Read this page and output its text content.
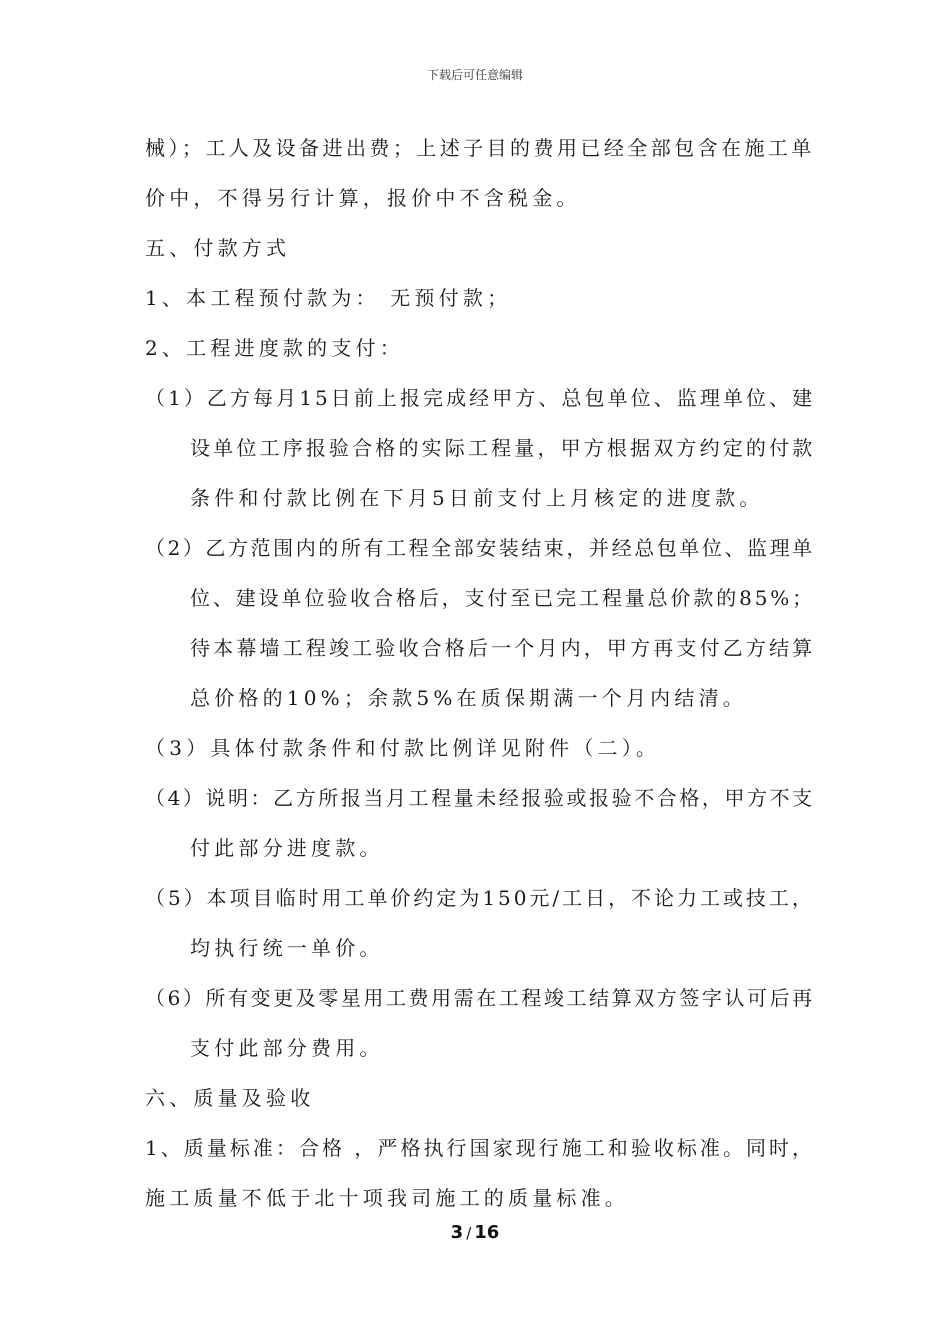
下载后可任意编辑
械）；工人及设备进出费；上述子目的费用已经全部包含在施工单
价中，不得另行计算，报价中不含税金。
五、付款方式
1、本工程预付款为： 无预付款；
2、工程进度款的支付：
（1）乙方每月15日前上报完成经甲方、总包单位、监理单位、建
设单位工序报验合格的实际工程量，甲方根据双方约定的付款
条件和付款比例在下月5日前支付上月核定的进度款。
（2）乙方范围内的所有工程全部安装结束，并经总包单位、监理单
位、建设单位验收合格后，支付至已完工程量总价款的85%；
待本幕墙工程竣工验收合格后一个月内，甲方再支付乙方结算
总价格的10%；余款5%在质保期满一个月内结清。
（3）具体付款条件和付款比例详见附件（二）。
（4）说明：乙方所报当月工程量未经报验或报验不合格，甲方不支
付此部分进度款。
（5）本项目临时用工单价约定为150元/工日，不论力工或技工，
均执行统一单价。
（6）所有变更及零星用工费用需在工程竣工结算双方签字认可后再
支付此部分费用。
六、质量及验收
1、质量标准：合格 ，严格执行国家现行施工和验收标准。同时，
施工质量不低于北十项我司施工的质量标准。
3 / 16
